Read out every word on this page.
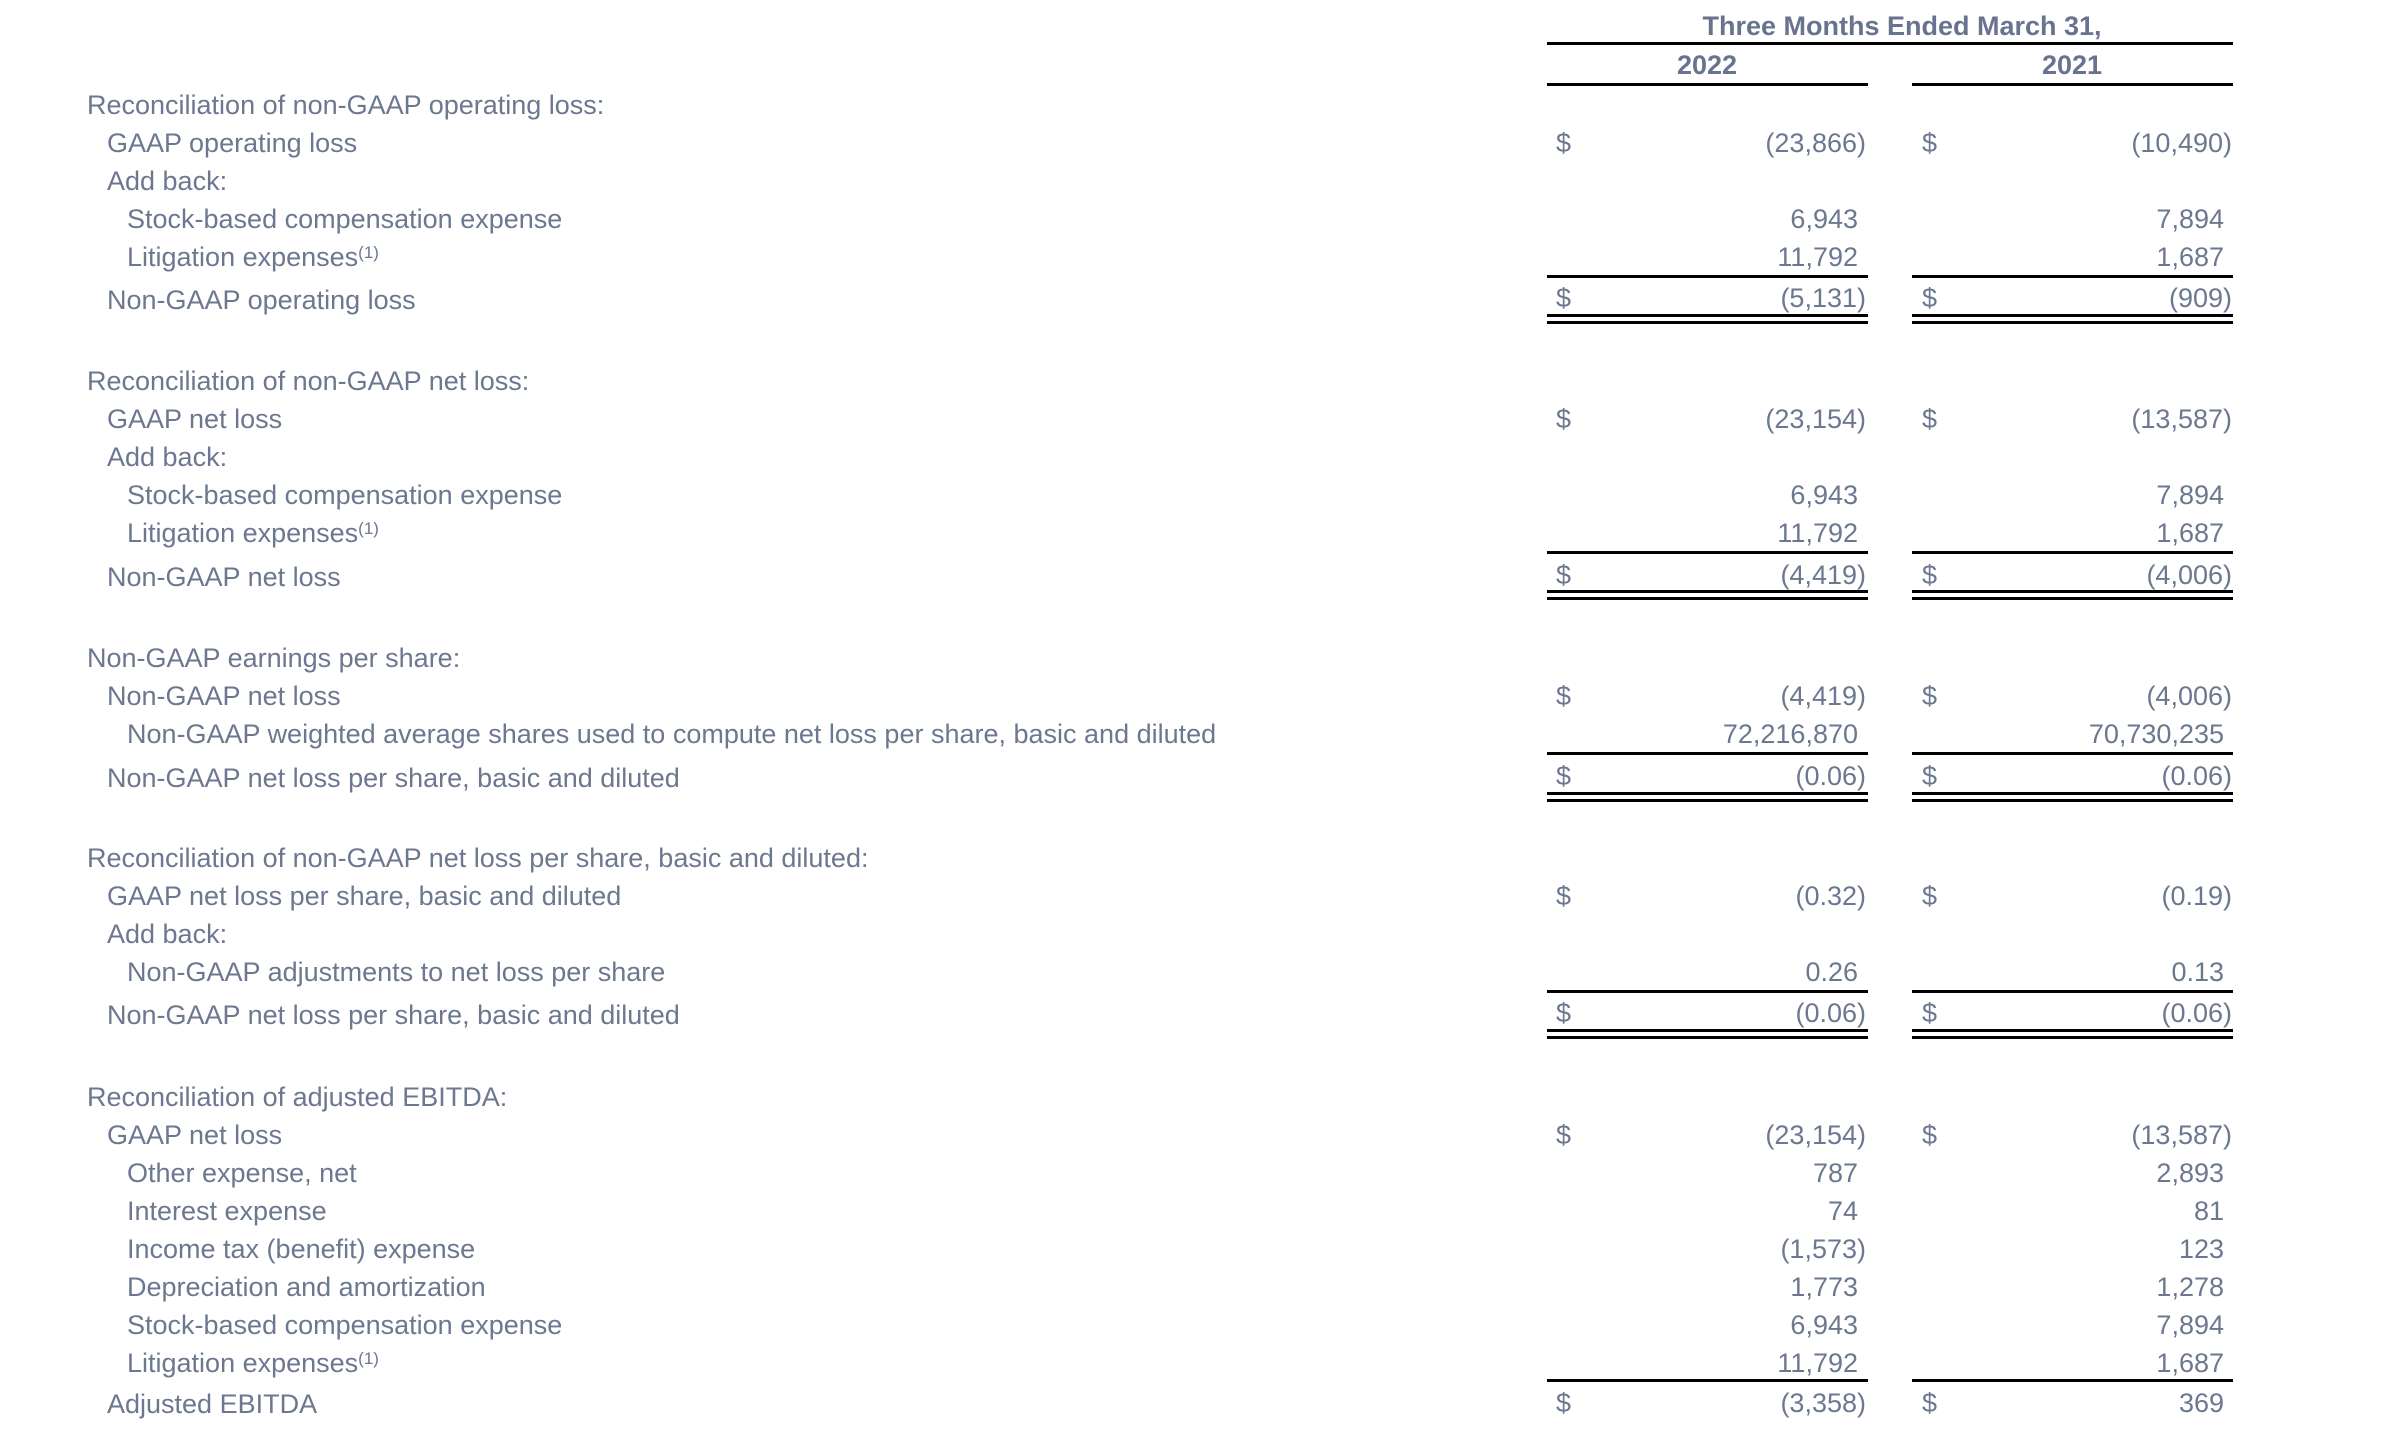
Three Months Ended March 31,
2022	2021
Reconciliation of non-GAAP operating loss:
GAAP operating loss	$	(23,866) $	(10,490)
Add back:
Stock-based compensation expense	6,943	7,894
Litigation expenses$^{(1)}$	11,792	1,687
Non-GAAP operating loss	$	(5,131) $	(909)
Reconciliation of non-GAAP net loss:
GAAP net loss	$	(23,154) $	(13,587)
Add back:
Stock-based compensation expense	6,943	7,894
Litigation expenses$^{(1)}$	11,792	1,687
Non-GAAP net loss	$	(4,419) $	(4,006)
Non-GAAP earnings per share:
Non-GAAP net loss	$	(4,419) $	(4,006)
Non-GAAP weighted average shares used to compute net loss per share, basic and diluted	72,216,870	70,730,235
Non-GAAP net loss per share, basic and diluted	$	(0.06) $	(0.06)
Reconciliation of non-GAAP net loss per share, basic and diluted:
GAAP net loss per share, basic and diluted	$	(0.32) $	(0.19)
Add back:
Non-GAAP adjustments to net loss per share	0.26	0.13
Non-GAAP net loss per share, basic and diluted	$	(0.06) $	(0.06)
Reconciliation of adjusted EBITDA:
GAAP net loss	$	(23,154) $	(13,587)
Other expense, net	787	2,893
Interest expense	74	81
Income tax (benefit) expense	(1,573)	123
Depreciation and amortization	1,773	1,278
Stock-based compensation expense	6,943	7,894
Litigation expenses$^{(1)}$	11,792	1,687
Adjusted EBITDA	$	(3,358) $	369
